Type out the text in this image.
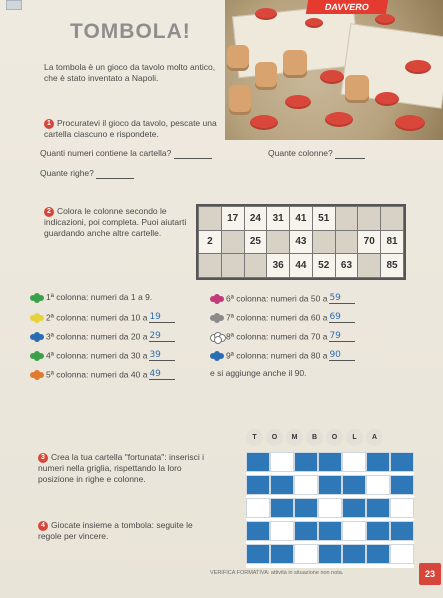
DAVVERO
TOMBOLA!
La tombola è un gioco da tavolo molto antico, che è stato inventato a Napoli.
1 Procuratevi il gioco da tavolo, pescate una cartella ciascuno e rispondete.
Quanti numeri contiene la cartella?	Quante colonne?
Quante righe?
2 Colora le colonne secondo le indicazioni, poi completa. Puoi aiutarti guardando anche altre cartelle.
	17	24	31	41	51			
2		25		43			70	81
			36	44	52	63		85
1ª colonna: numeri da 1 a 9.
2ª colonna: numeri da 10 a 19
3ª colonna: numeri da 20 a 29
4ª colonna: numeri da 30 a 39
5ª colonna: numeri da 40 a 49
6ª colonna: numeri da 50 a 59
7ª colonna: numeri da 60 a 69
8ª colonna: numeri da 70 a 79
9ª colonna: numeri da 80 a 90
e si aggiunge anche il 90.
3 Crea la tua cartella "fortunata": inserisci i numeri nella griglia, rispettando la loro posizione in righe e colonne.
T O M B O L A
4 Giocate insieme a tombola: seguite le regole per vincere.
VERIFICA FORMATIVA: attività in situazione non nota.	23
